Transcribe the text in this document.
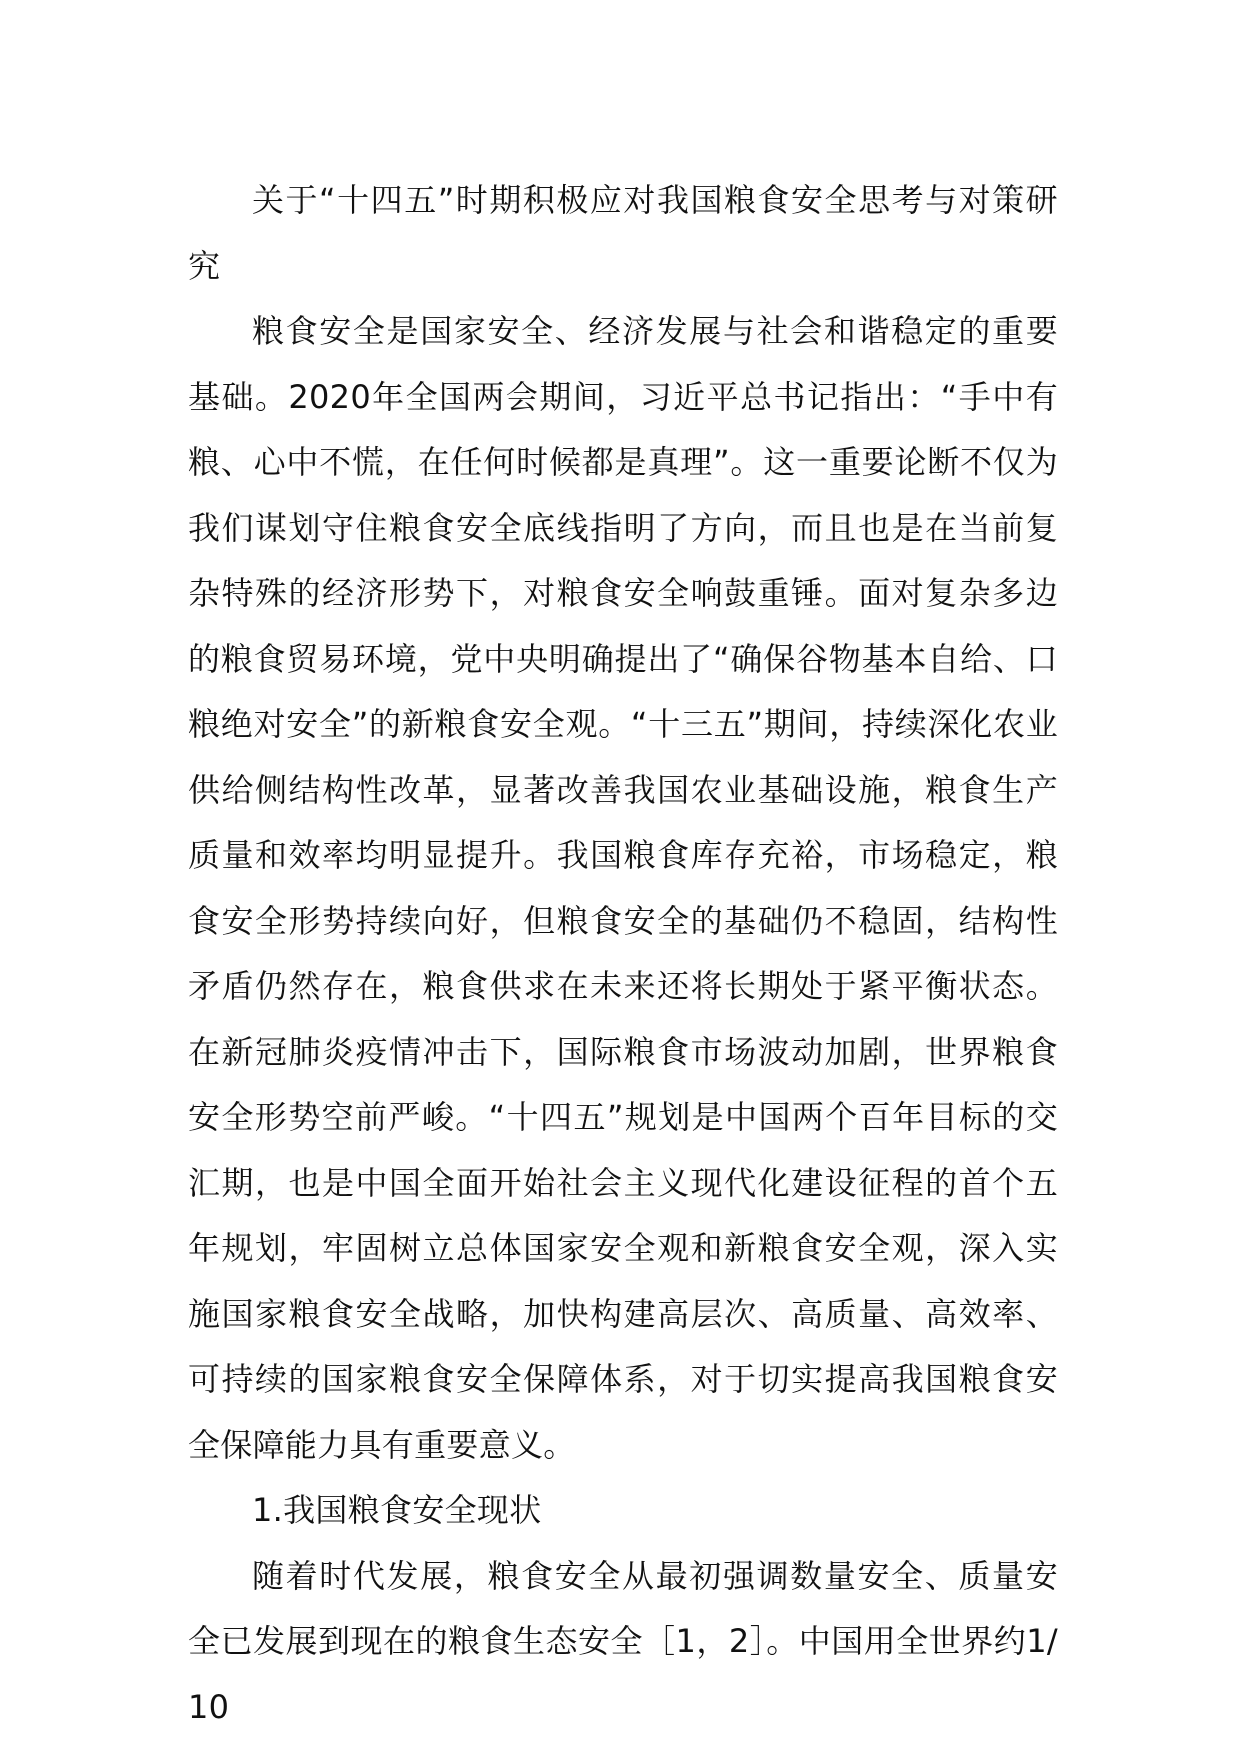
关于“十四五”时期积极应对我国粮食安全思考与对策研究

粮食安全是国家安全、经济发展与社会和谐稳定的重要基础。2020年全国两会期间，习近平总书记指出：“手中有粮、心中不慌，在任何时候都是真理”。这一重要论断不仅为我们谋划守住粮食安全底线指明了方向，而且也是在当前复杂特殊的经济形势下，对粮食安全响鼓重锤。面对复杂多边的粮食贸易环境，党中央明确提出了“确保谷物基本自给、口粮绝对安全”的新粮食安全观。“十三五”期间，持续深化农业供给侧结构性改革，显著改善我国农业基础设施，粮食生产质量和效率均明显提升。我国粮食库存充裕，市场稳定，粮食安全形势持续向好，但粮食安全的基础仍不稳固，结构性矛盾仍然存在，粮食供求在未来还将长期处于紧平衡状态。在新冠肺炎疫情冲击下，国际粮食市场波动加剧，世界粮食安全形势空前严峻。“十四五”规划是中国两个百年目标的交汇期，也是中国全面开始社会主义现代化建设征程的首个五年规划，牢固树立总体国家安全观和新粮食安全观，深入实施国家粮食安全战略，加快构建高层次、高质量、高效率、可持续的国家粮食安全保障体系，对于切实提高我国粮食安全保障能力具有重要意义。

1.我国粮食安全现状

随着时代发展，粮食安全从最初强调数量安全、质量安全已发展到现在的粮食生态安全［1，2］。中国用全世界约1/10
